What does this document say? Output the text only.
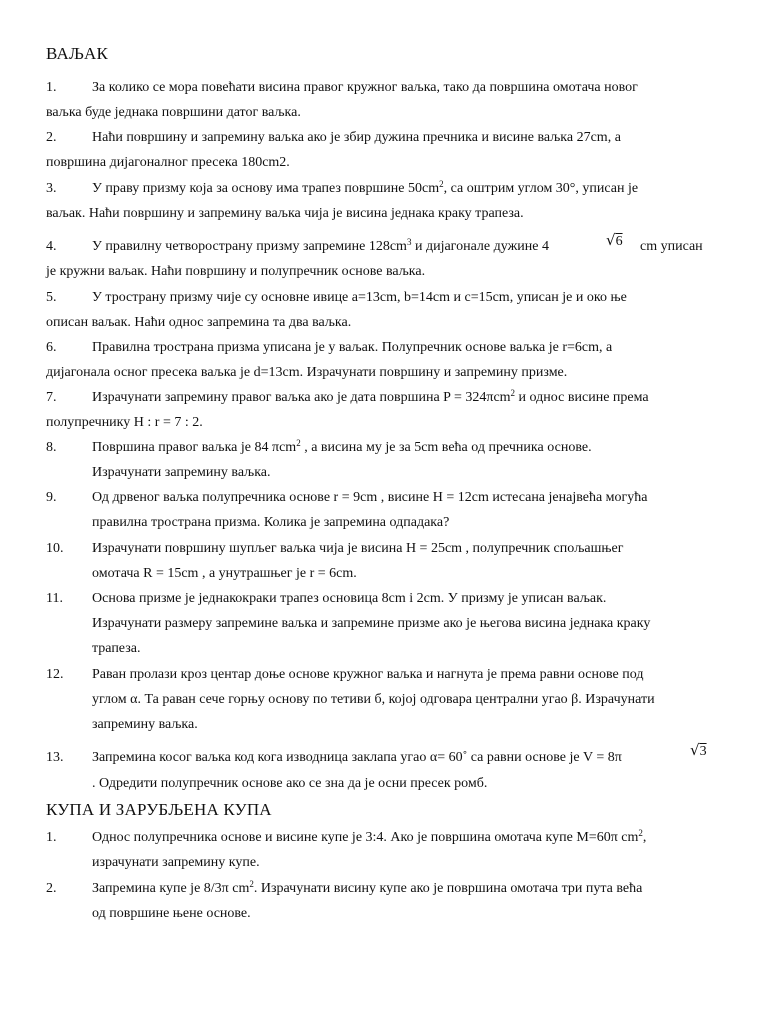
ВАЉАК
1.	За колико се мора повећати висина правог кружног ваљка, тако да површина омотача новог
ваљка буде једнака површини датог ваљка.
2.	Наћи површину и запремину ваљка ако је збир дужина пречника и висине ваљка 27cm, а
површина дијагоналног пресека 180cm2.
3.	У праву призму која за основу има трапез површине $50cm^2$, са оштрим углом 30°, уписан је
ваљак. Наћи површину и запремину ваљка чија је висина једнака краку трапеза.
4.	У правилну четворострану призму запремине $128cm^3$ и дијагонале дужине 4	√6 cm уписан
је кружни ваљак. Наћи површину и полупречник основе ваљка.
5.	У тространу призму чије су основне ивице a=13cm, b=14cm и c=15cm, уписан је и око ње
описан ваљак. Наћи однос запремина та два ваљка.
6.	Правилна тространа призма уписана је у ваљак. Полупречник основе ваљка је r=6cm, а
дијагонала осног пресека ваљка је d=13cm. Израчунати површину и запремину призме.
7.	Израчунати запремину правог ваљка ако је дата површина P = 324πcm$^2$ и однос висине према
полупречнику H : r = 7 : 2.
8.	Површина правог ваљка је 84 πcm$^2$ , а висина му је за 5cm већа од пречника основе.
Израчунати запремину ваљка.
9.	Од дрвеног ваљка полупречника основе r = 9cm , висине H = 12cm истесана јенајвећа могућа
правилна тространа призма. Колика је запремина одпадака?
10. Израчунати површину шупљег ваљка чија је висина H = 25cm , полупречник спољашњег
омотача R = 15cm , а унутрашњег је r = 6cm.
11. Основа призме је једнакокраки трапез основица 8cm i 2cm. У призму је уписан ваљак.
Израчунати размеру запремине ваљка и запремине призме ако је његова висина једнака краку
трапеза.
12. Раван пролази кроз центар доње основе кружног ваљка и нагнута је према равни основе под
углом α. Та раван сече горњу основу по тетиви б, којој одговара централни угао β. Израчунати
запремину ваљка.
13. Запремина косог ваљка код кога изводница заклапа угао α= 60˚ са равни основе је V = 8π	√3
. Одредити полупречник основе ако се зна да је осни пресек ромб.
КУПА И ЗАРУБЉЕНА КУПА
1.	Однос полупречника основе и висине купе је 3:4. Ако је површина омотача купе M=60π $cm^2$,
израчунати запремину купе.
2.	Запремина купе је 8/3π $cm^2$. Израчунати висину купе ако је површина омотача три пута већа
од површине њене основе.
